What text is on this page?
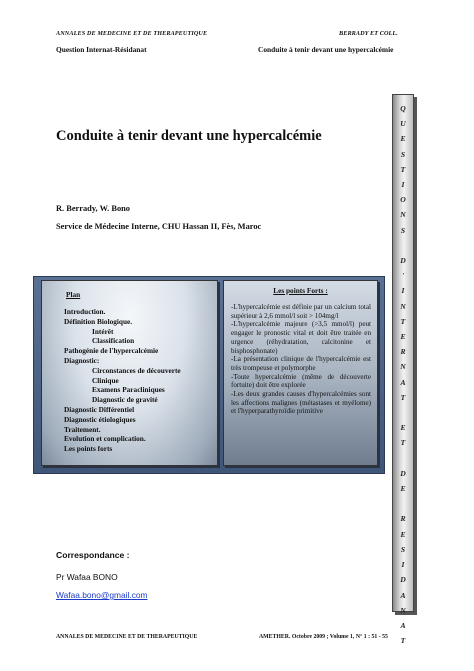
ANNALES DE MEDECINE ET DE THERAPEUTIQUE	BERRADY ET COLL.
Question Internat-Résidanat	Conduite à tenir devant une hypercalcémie
Conduite à tenir devant une hypercalcémie
R. Berrady, W. Bono
Service de Médecine Interne, CHU Hassan II, Fès, Maroc
Q
U
E
S
T
I
O
N
S

D
'
I
N
T
E
R
N
A
T

E
T

D
E

R
E
S
I
D
A
N
A
T
Plan
Introduction.
Définition Biologique.
Intérêt
Classification
Pathogénie de l'hypercalcémie
Diagnostic:
Circonstances de découverte
Clinique
Examens Paracliniques
Diagnostic de gravité
Diagnostic Différentiel
Diagnostic étiologiques
Traitement.
Evolution et complication.
Les points forts
Les points Forts :

-L'hypercalcémie est définie par un calcium total supérieur à 2,6 mmol/l soit > 104mg/l

-L'hypercalcémie majeure (>3,5 mmol/l) peut engager le pronostic vital et doit être traitée en urgence (réhydratation, calcitonine et bisphosphonate)

-La présentation clinique de l'hypercalcémie est très trompeuse et polymorphe

-Toute hypercalcémie (même de découverte fortuite) doit être explorée

-Les deux grandes causes d'hypercalcémies sont les affections malignes (métastases et myélome) et l'hyperparathyroïdie primitive

Correspondance :
Pr Wafaa BONO
Wafaa.bono@gmail.com
ANNALES DE MEDECINE ET DE THERAPEUTIQUE	AMETHER. Octobre 2009 ; Volume 1, N° 1 : 51 - 55
